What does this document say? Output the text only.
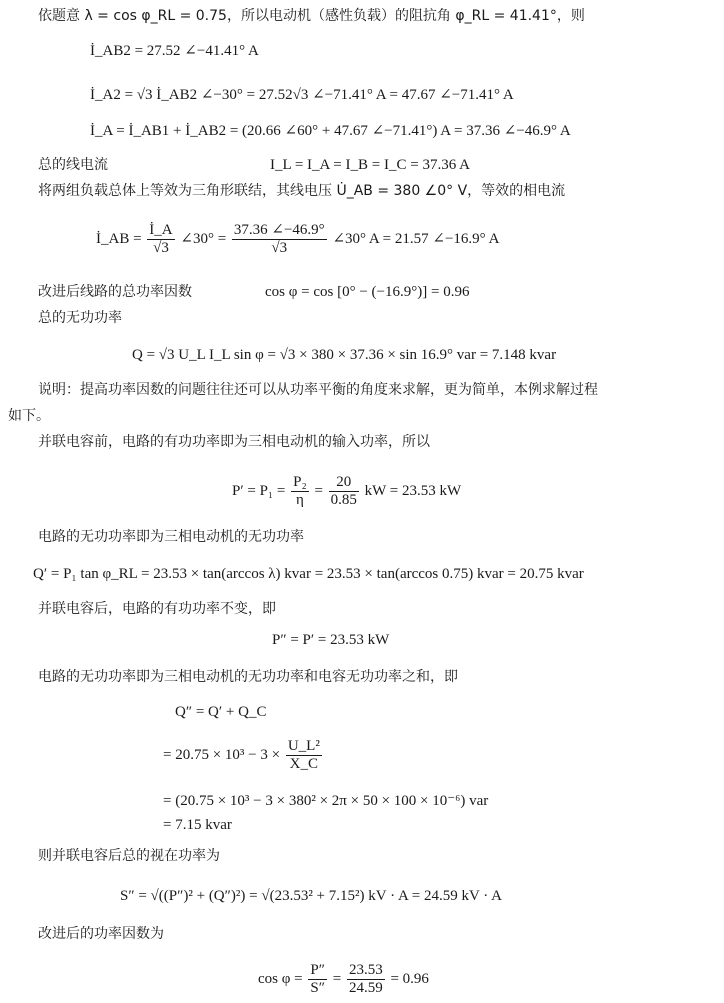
依题意 λ = cos φ_RL = 0.75，所以电动机（感性负载）的阻抗角 φ_RL = 41.41°，则
İ_AB2 = 27.52 ∠−41.41° A
İ_A2 = √3 İ_AB2 ∠−30° = 27.52√3 ∠−71.41° A = 47.67 ∠−71.41° A
İ_A = İ_AB1 + İ_AB2 = (20.66 ∠60° + 47.67 ∠−71.41°) A = 37.36 ∠−46.9° A
总的线电流	I_L = I_A = I_B = I_C = 37.36 A
将两组负载总体上等效为三角形联结，其线电压 U̇_AB = 380 ∠0° V，等效的相电流
改进后线路的总功率因数	cos φ = cos [0° − (−16.9°)] = 0.96
总的无功功率
Q = √3 U_L I_L sin φ = √3 × 380 × 37.36 × sin 16.9° var = 7.148 kvar
说明：提高功率因数的问题往往还可以从功率平衡的角度来求解，更为简单，本例求解过程
如下。
并联电容前，电路的有功功率即为三相电动机的输入功率，所以
电路的无功功率即为三相电动机的无功功率
Q′ = P₁ tan φ_RL = 23.53 × tan(arccos λ) kvar = 23.53 × tan(arccos 0.75) kvar = 20.75 kvar
并联电容后，电路的有功功率不变，即
P″ = P′ = 23.53 kW
电路的无功功率即为三相电动机的无功功率和电容无功功率之和，即
Q″ = Q′ + Q_C
= (20.75 × 10³ − 3 × 380² × 2π × 50 × 100 × 10⁻⁶) var
= 7.15 kvar
则并联电容后总的视在功率为
S″ = √((P″)² + (Q″)²) = √(23.53² + 7.15²) kV · A = 24.59 kV · A
改进后的功率因数为
İ_AB = $\frac{İ\_A}{√3}$ ∠30° = $\frac{37.36 \angle-46.9^\circ}{√3}$ ∠30° A = 21.57 ∠−16.9° A
$P' = P_1 = \frac{\text{P₂}}{\eta} = \frac{20}{0.85}$ kW = 23.53 kW
= $20.75 \times 10^3 - 3 \times \frac{\text{U\_L²}}{X\_C}$
$\cos \varphi = \frac{P''}{S''} = \frac{23.53}{24.59} = 0.96$
